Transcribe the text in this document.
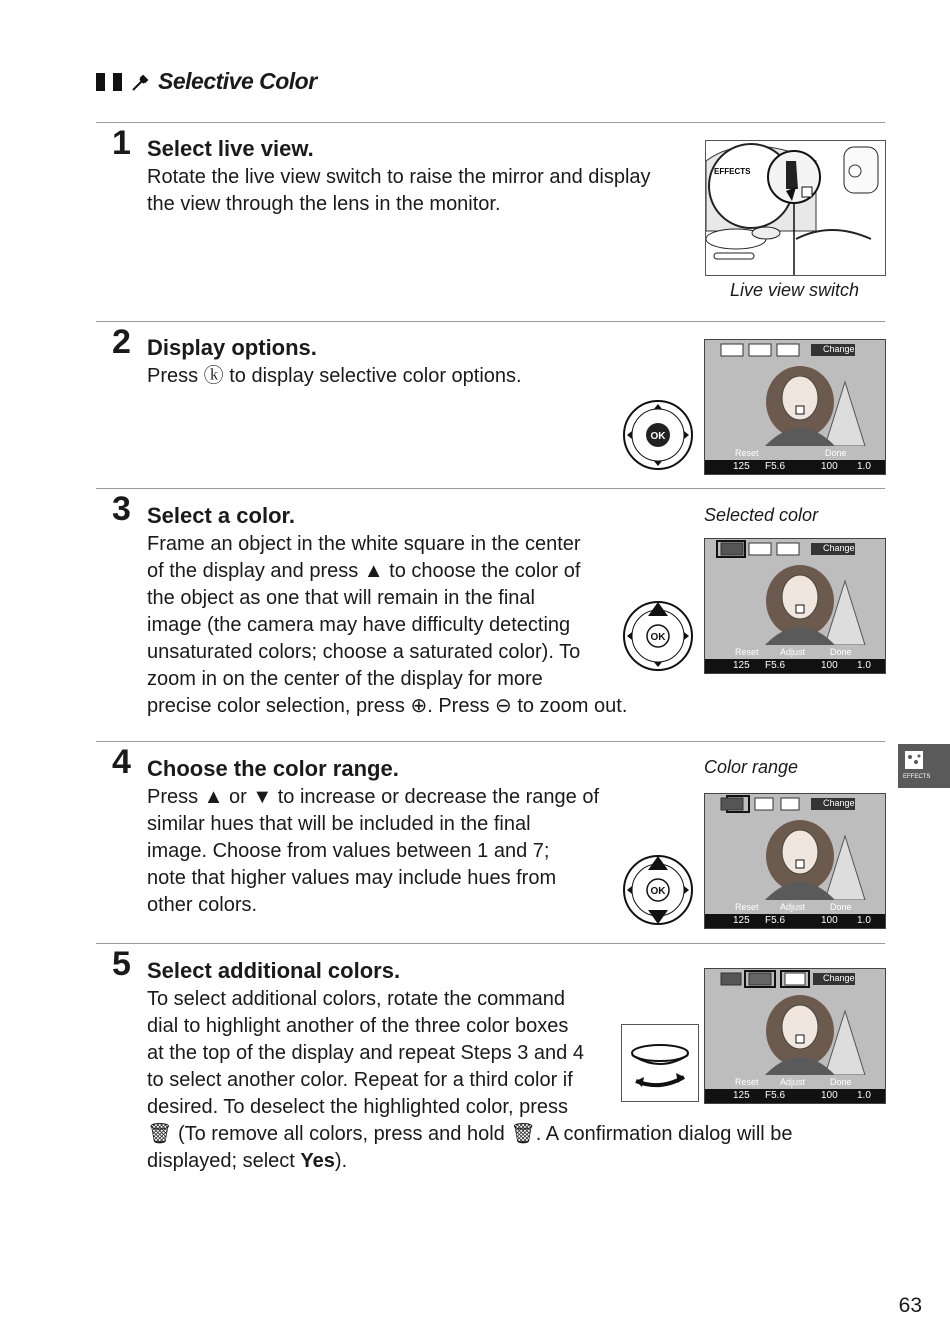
Selective Color
1 Select live view.
Rotate the live view switch to raise the mirror and display
the view through the lens in the monitor.
EFFECTS
Live view switch
2 Display options.
Press ⓚ to display selective color options.
OK
Change
Reset	Done
125 F5.6	100 1.0
3 Select a color.
Frame an object in the white square in the center
of the display and press ▲ to choose the color of
the object as one that will remain in the final
image (the camera may have difficulty detecting
unsaturated colors; choose a saturated color). To
zoom in on the center of the display for more
precise color selection, press ⊕. Press ⊖ to zoom out.
Selected color
OK
Change
Reset Adjust	Done
125 F5.6	100 1.0
4 Choose the color range.
Press ▲ or ▼ to increase or decrease the range of
similar hues that will be included in the final
image. Choose from values between 1 and 7;
note that higher values may include hues from
other colors.
Color range
OK
Change
Reset Adjust	Done
125 F5.6	100 1.0
5 Select additional colors.
To select additional colors, rotate the command
dial to highlight another of the three color boxes
at the top of the display and repeat Steps 3 and 4
to select another color. Repeat for a third color if
desired. To deselect the highlighted color, press
🗑 (To remove all colors, press and hold 🗑. A confirmation dialog will be
displayed; select Yes).
Change
Reset Adjust	Done
125 F5.6	100 1.0
EFFECTS
63
